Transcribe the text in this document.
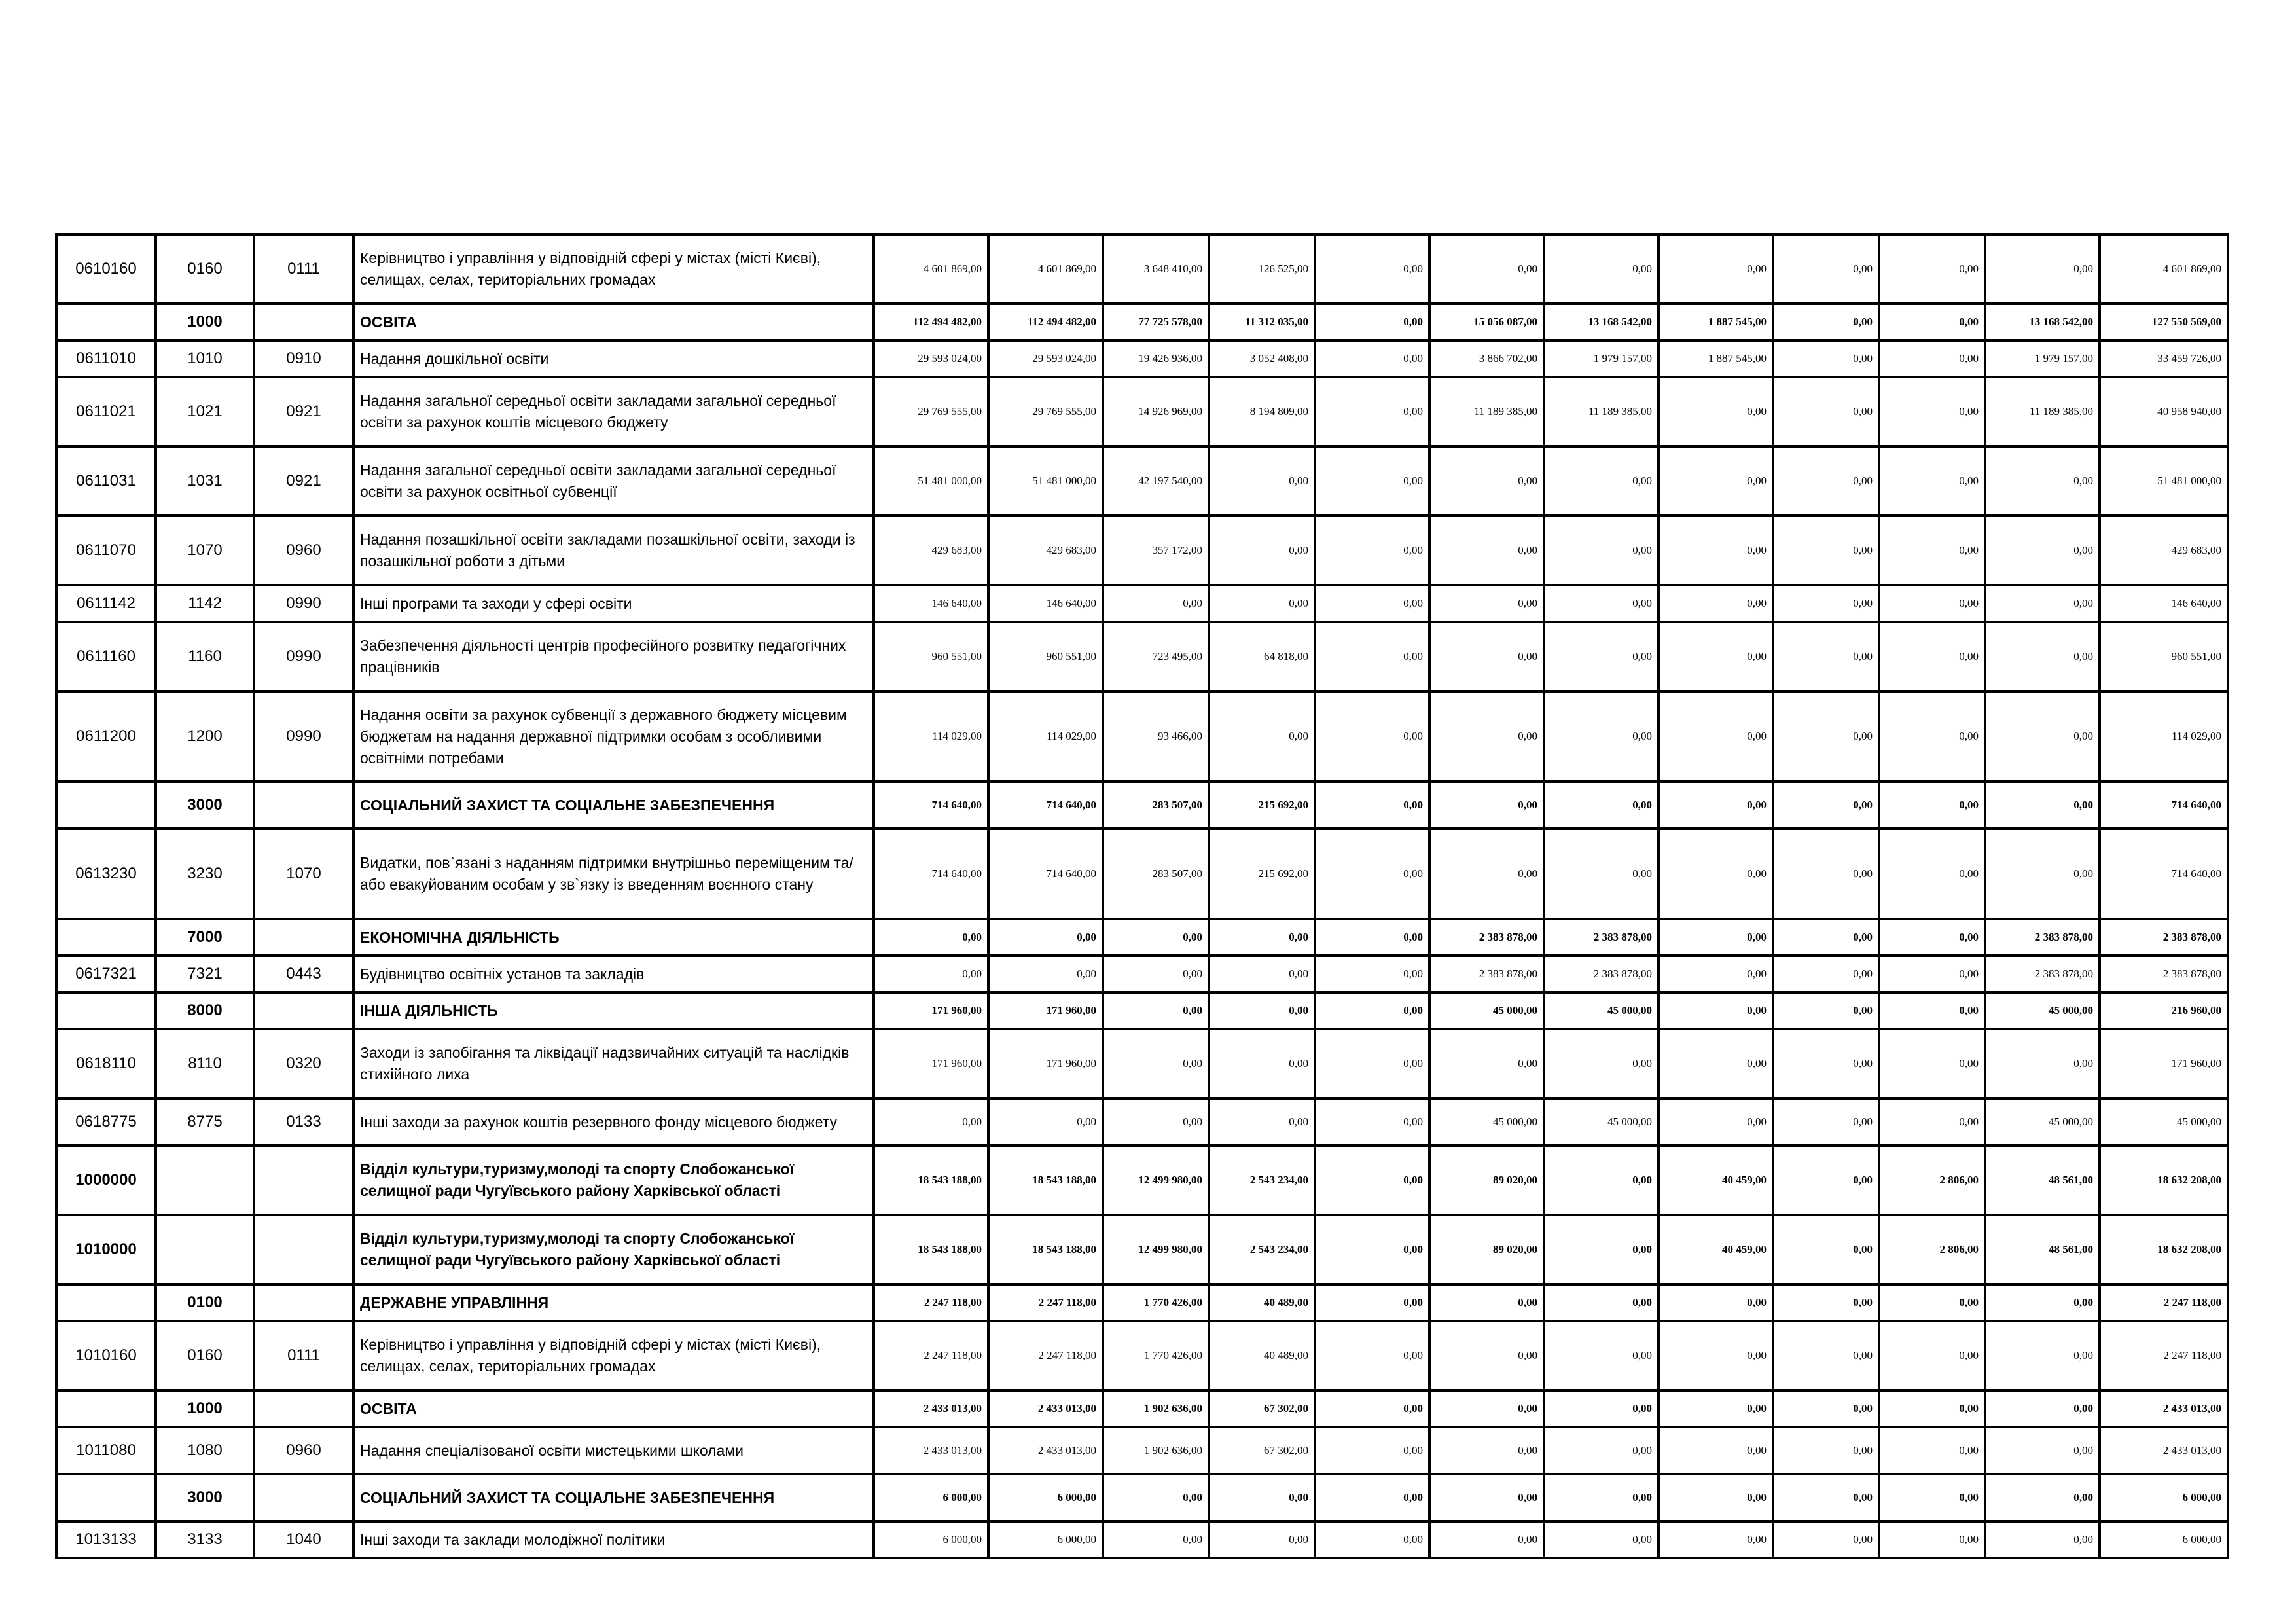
0610160	0160	0111	Керівництво і управління у відповідній сфері у містах (місті Києві), селищах, селах, територіальних громадах	4 601 869,00	4 601 869,00	3 648 410,00	126 525,00	0,00	0,00	0,00	0,00	0,00	0,00	0,00	4 601 869,00
	1000		ОСВІТА	112 494 482,00	112 494 482,00	77 725 578,00	11 312 035,00	0,00	15 056 087,00	13 168 542,00	1 887 545,00	0,00	0,00	13 168 542,00	127 550 569,00
0611010	1010	0910	Надання дошкільної освіти	29 593 024,00	29 593 024,00	19 426 936,00	3 052 408,00	0,00	3 866 702,00	1 979 157,00	1 887 545,00	0,00	0,00	1 979 157,00	33 459 726,00
0611021	1021	0921	Надання загальної середньої освіти закладами загальної середньої освіти за рахунок коштів місцевого бюджету	29 769 555,00	29 769 555,00	14 926 969,00	8 194 809,00	0,00	11 189 385,00	11 189 385,00	0,00	0,00	0,00	11 189 385,00	40 958 940,00
0611031	1031	0921	Надання загальної середньої освіти закладами загальної середньої освіти за рахунок освітньої субвенції	51 481 000,00	51 481 000,00	42 197 540,00	0,00	0,00	0,00	0,00	0,00	0,00	0,00	0,00	51 481 000,00
0611070	1070	0960	Надання позашкільної освіти закладами позашкільної освіти, заходи із позашкільної роботи з дітьми	429 683,00	429 683,00	357 172,00	0,00	0,00	0,00	0,00	0,00	0,00	0,00	0,00	429 683,00
0611142	1142	0990	Інші програми та заходи у сфері освіти	146 640,00	146 640,00	0,00	0,00	0,00	0,00	0,00	0,00	0,00	0,00	0,00	146 640,00
0611160	1160	0990	Забезпечення діяльності центрів професійного розвитку педагогічних працівників	960 551,00	960 551,00	723 495,00	64 818,00	0,00	0,00	0,00	0,00	0,00	0,00	0,00	960 551,00
0611200	1200	0990	Надання освіти за рахунок субвенції з державного бюджету місцевим бюджетам на надання державної підтримки особам з особливими освітніми потребами	114 029,00	114 029,00	93 466,00	0,00	0,00	0,00	0,00	0,00	0,00	0,00	0,00	114 029,00
	3000		СОЦІАЛЬНИЙ ЗАХИСТ ТА СОЦІАЛЬНЕ ЗАБЕЗПЕЧЕННЯ	714 640,00	714 640,00	283 507,00	215 692,00	0,00	0,00	0,00	0,00	0,00	0,00	0,00	714 640,00
0613230	3230	1070	Видатки, пов`язані з наданням підтримки внутрішньо переміщеним та/або евакуйованим особам у зв`язку із введенням воєнного стану	714 640,00	714 640,00	283 507,00	215 692,00	0,00	0,00	0,00	0,00	0,00	0,00	0,00	714 640,00
	7000		ЕКОНОМІЧНА ДІЯЛЬНІСТЬ	0,00	0,00	0,00	0,00	0,00	2 383 878,00	2 383 878,00	0,00	0,00	0,00	2 383 878,00	2 383 878,00
0617321	7321	0443	Будівництво освітніх установ та закладів	0,00	0,00	0,00	0,00	0,00	2 383 878,00	2 383 878,00	0,00	0,00	0,00	2 383 878,00	2 383 878,00
	8000		ІНША ДІЯЛЬНІСТЬ	171 960,00	171 960,00	0,00	0,00	0,00	45 000,00	45 000,00	0,00	0,00	0,00	45 000,00	216 960,00
0618110	8110	0320	Заходи із запобігання та ліквідації надзвичайних ситуацій та наслідків стихійного лиха	171 960,00	171 960,00	0,00	0,00	0,00	0,00	0,00	0,00	0,00	0,00	0,00	171 960,00
0618775	8775	0133	Інші заходи за рахунок коштів резервного фонду місцевого бюджету	0,00	0,00	0,00	0,00	0,00	45 000,00	45 000,00	0,00	0,00	0,00	45 000,00	45 000,00
1000000			Відділ культури,туризму,молоді та спорту Слобожанської селищної ради Чугуївського району Харківської області	18 543 188,00	18 543 188,00	12 499 980,00	2 543 234,00	0,00	89 020,00	0,00	40 459,00	0,00	2 806,00	48 561,00	18 632 208,00
1010000			Відділ культури,туризму,молоді та спорту Слобожанської селищної ради Чугуївського району Харківської області	18 543 188,00	18 543 188,00	12 499 980,00	2 543 234,00	0,00	89 020,00	0,00	40 459,00	0,00	2 806,00	48 561,00	18 632 208,00
	0100		ДЕРЖАВНЕ УПРАВЛІННЯ	2 247 118,00	2 247 118,00	1 770 426,00	40 489,00	0,00	0,00	0,00	0,00	0,00	0,00	0,00	2 247 118,00
1010160	0160	0111	Керівництво і управління у відповідній сфері у містах (місті Києві), селищах, селах, територіальних громадах	2 247 118,00	2 247 118,00	1 770 426,00	40 489,00	0,00	0,00	0,00	0,00	0,00	0,00	0,00	2 247 118,00
	1000		ОСВІТА	2 433 013,00	2 433 013,00	1 902 636,00	67 302,00	0,00	0,00	0,00	0,00	0,00	0,00	0,00	2 433 013,00
1011080	1080	0960	Надання спеціалізованої освіти мистецькими школами	2 433 013,00	2 433 013,00	1 902 636,00	67 302,00	0,00	0,00	0,00	0,00	0,00	0,00	0,00	2 433 013,00
	3000		СОЦІАЛЬНИЙ ЗАХИСТ ТА СОЦІАЛЬНЕ ЗАБЕЗПЕЧЕННЯ	6 000,00	6 000,00	0,00	0,00	0,00	0,00	0,00	0,00	0,00	0,00	0,00	6 000,00
1013133	3133	1040	Інші заходи та заклади молодіжної політики	6 000,00	6 000,00	0,00	0,00	0,00	0,00	0,00	0,00	0,00	0,00	0,00	6 000,00
